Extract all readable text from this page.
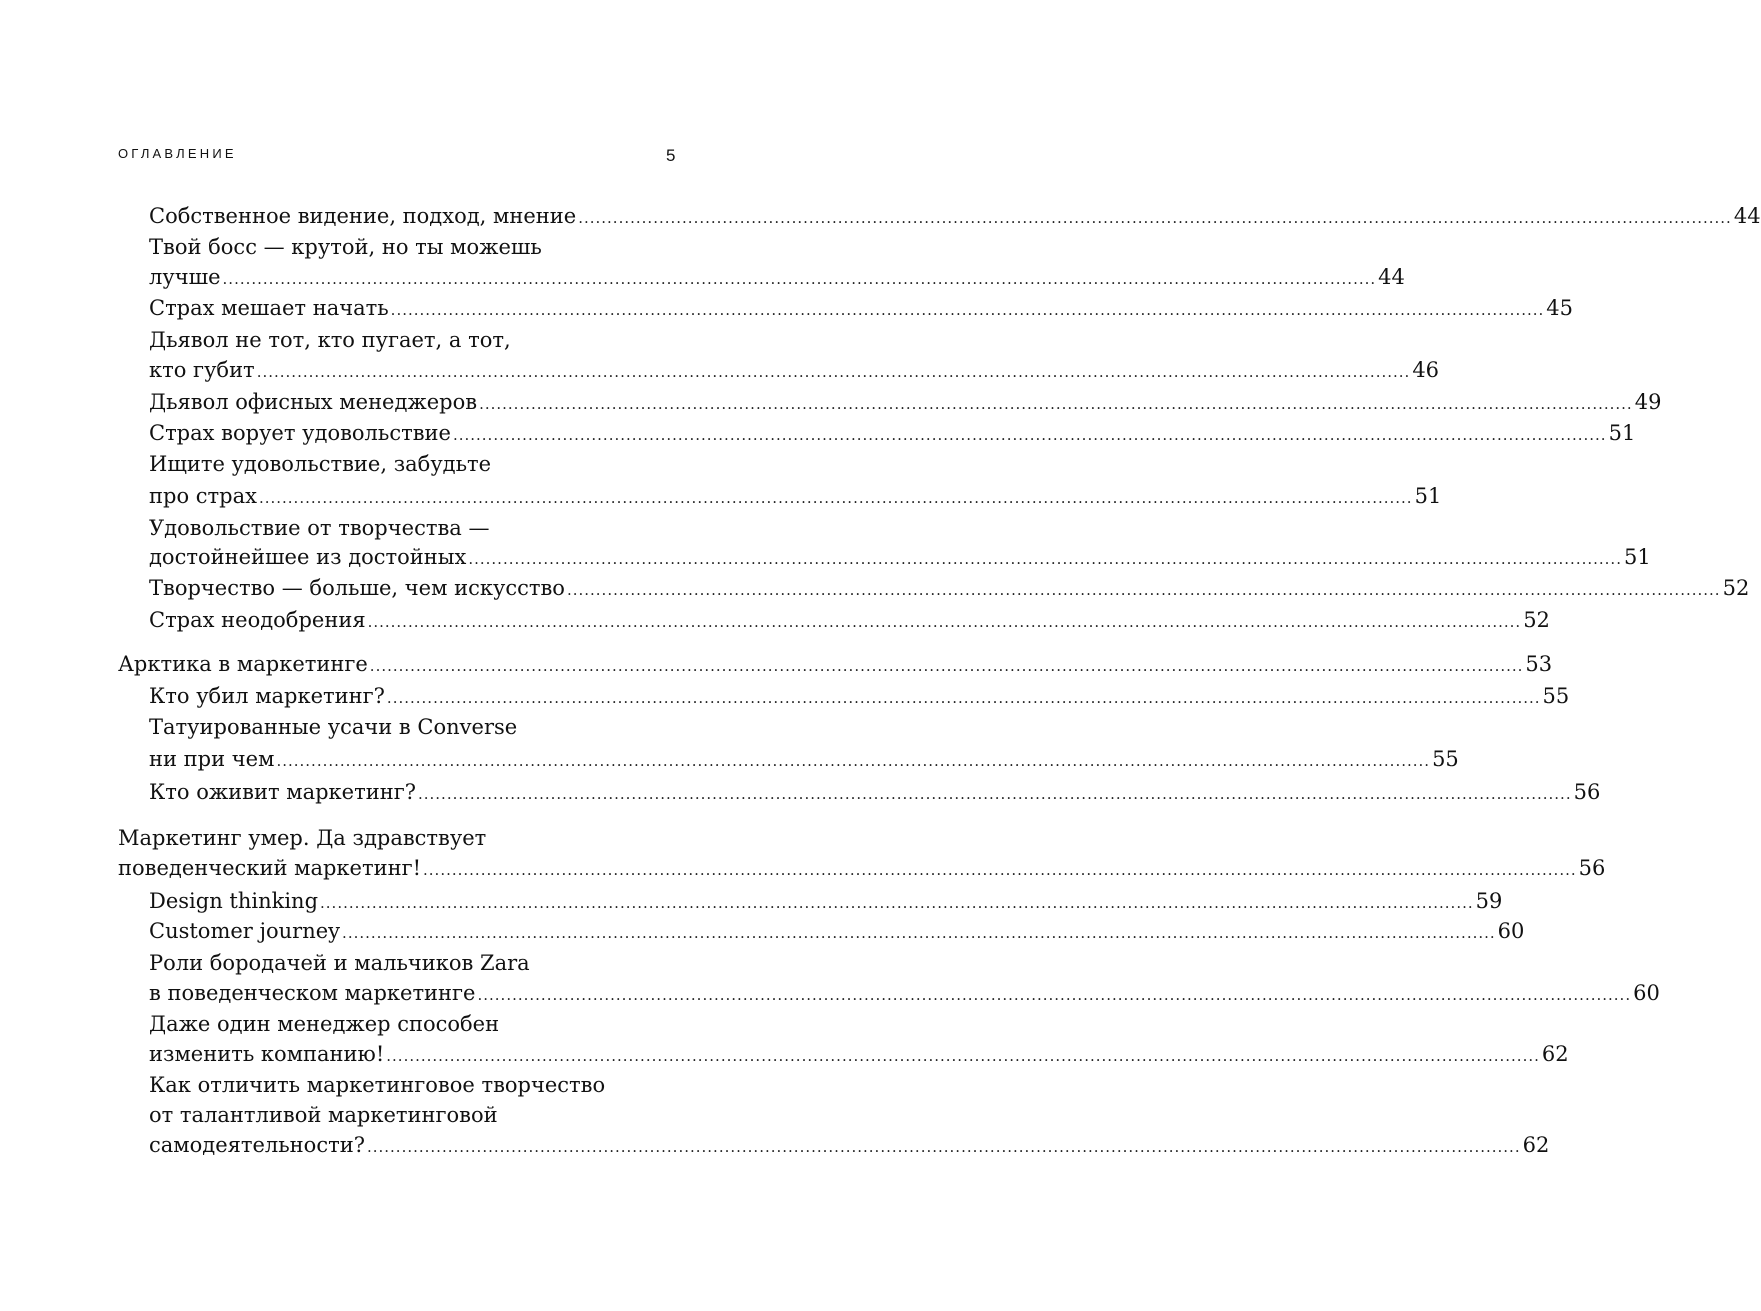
ОГЛАВЛЕНИЕ	5
Собственное видение, подход, мнение ........................................................................................................................................................................................................ 44
Твой босс — крутой, но ты можешь
лучше ........................................................................................................................................................................................................ 44
Страх мешает начать ........................................................................................................................................................................................................ 45
Дьявол не тот, кто пугает, а тот,
кто губит ........................................................................................................................................................................................................ 46
Дьявол офисных менеджеров ........................................................................................................................................................................................................ 49
Страх ворует удовольствие ........................................................................................................................................................................................................ 51
Ищите удовольствие, забудьте
про страх ........................................................................................................................................................................................................ 51
Удовольствие от творчества —
достойнейшее из достойных ........................................................................................................................................................................................................ 51
Творчество — больше, чем искусство ........................................................................................................................................................................................................ 52
Страх неодобрения ........................................................................................................................................................................................................ 52
Арктика в маркетинге ........................................................................................................................................................................................................ 53
Кто убил маркетинг? ........................................................................................................................................................................................................ 55
Татуированные усачи в Converse
ни при чем ........................................................................................................................................................................................................ 55
Кто оживит маркетинг? ........................................................................................................................................................................................................ 56
Маркетинг умер. Да здравствует
поведенческий маркетинг! ........................................................................................................................................................................................................ 56
Design thinking ........................................................................................................................................................................................................ 59
Customer journey ........................................................................................................................................................................................................ 60
Роли бородачей и мальчиков Zara
в поведенческом маркетинге ........................................................................................................................................................................................................ 60
Даже один менеджер способен
изменить компанию! ........................................................................................................................................................................................................ 62
Как отличить маркетинговое творчество
от талантливой маркетинговой
самодеятельности? ........................................................................................................................................................................................................ 62
